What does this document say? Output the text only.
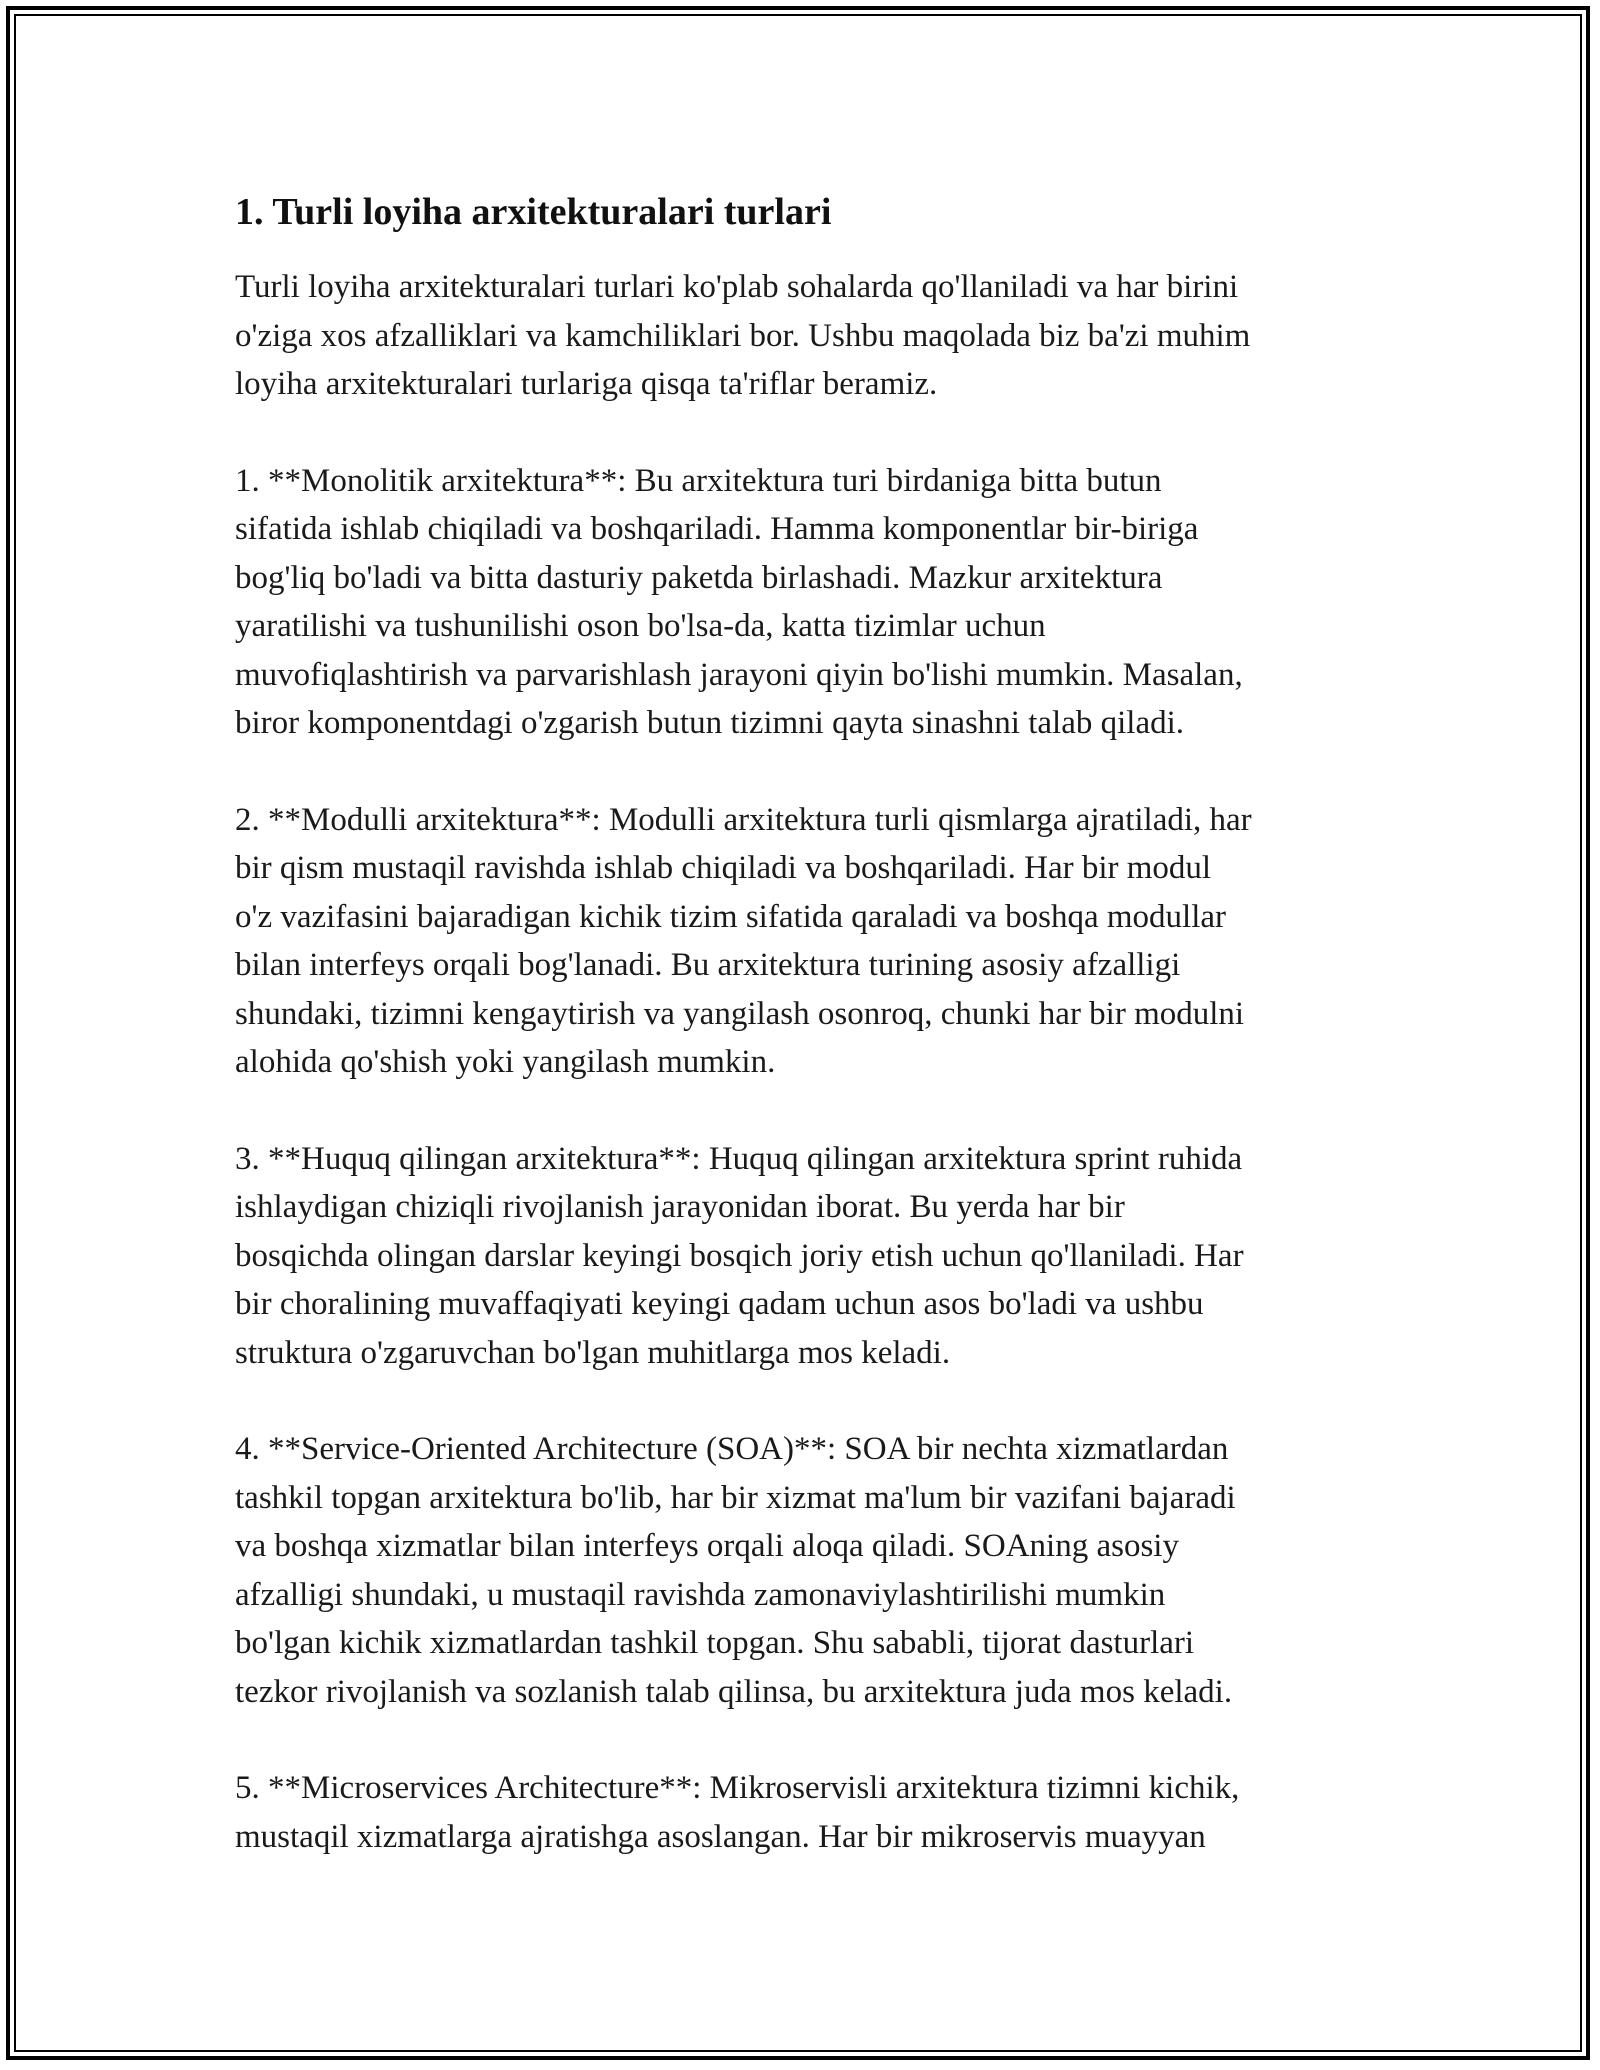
1. Turli loyiha arxitekturalari turlari

Turli loyiha arxitekturalari turlari ko'plab sohalarda qo'llaniladi va har birini
o'ziga xos afzalliklari va kamchiliklari bor. Ushbu maqolada biz ba'zi muhim
loyiha arxitekturalari turlariga qisqa ta'riflar beramiz.

1. **Monolitik arxitektura**: Bu arxitektura turi birdaniga bitta butun
sifatida ishlab chiqiladi va boshqariladi. Hamma komponentlar bir-biriga
bog'liq bo'ladi va bitta dasturiy paketda birlashadi. Mazkur arxitektura
yaratilishi va tushunilishi oson bo'lsa-da, katta tizimlar uchun
muvofiqlashtirish va parvarishlash jarayoni qiyin bo'lishi mumkin. Masalan,
biror komponentdagi o'zgarish butun tizimni qayta sinashni talab qiladi.

2. **Modulli arxitektura**: Modulli arxitektura turli qismlarga ajratiladi, har
bir qism mustaqil ravishda ishlab chiqiladi va boshqariladi. Har bir modul
o'z vazifasini bajaradigan kichik tizim sifatida qaraladi va boshqa modullar
bilan interfeys orqali bog'lanadi. Bu arxitektura turining asosiy afzalligi
shundaki, tizimni kengaytirish va yangilash osonroq, chunki har bir modulni
alohida qo'shish yoki yangilash mumkin.

3. **Huquq qilingan arxitektura**: Huquq qilingan arxitektura sprint ruhida
ishlaydigan chiziqli rivojlanish jarayonidan iborat. Bu yerda har bir
bosqichda olingan darslar keyingi bosqich joriy etish uchun qo'llaniladi. Har
bir choralining muvaffaqiyati keyingi qadam uchun asos bo'ladi va ushbu
struktura o'zgaruvchan bo'lgan muhitlarga mos keladi.

4. **Service-Oriented Architecture (SOA)**: SOA bir nechta xizmatlardan
tashkil topgan arxitektura bo'lib, har bir xizmat ma'lum bir vazifani bajaradi
va boshqa xizmatlar bilan interfeys orqali aloqa qiladi. SOAning asosiy
afzalligi shundaki, u mustaqil ravishda zamonaviylashtirilishi mumkin
bo'lgan kichik xizmatlardan tashkil topgan. Shu sababli, tijorat dasturlari
tezkor rivojlanish va sozlanish talab qilinsa, bu arxitektura juda mos keladi.

5. **Microservices Architecture**: Mikroservisli arxitektura tizimni kichik,
mustaqil xizmatlarga ajratishga asoslangan. Har bir mikroservis muayyan
